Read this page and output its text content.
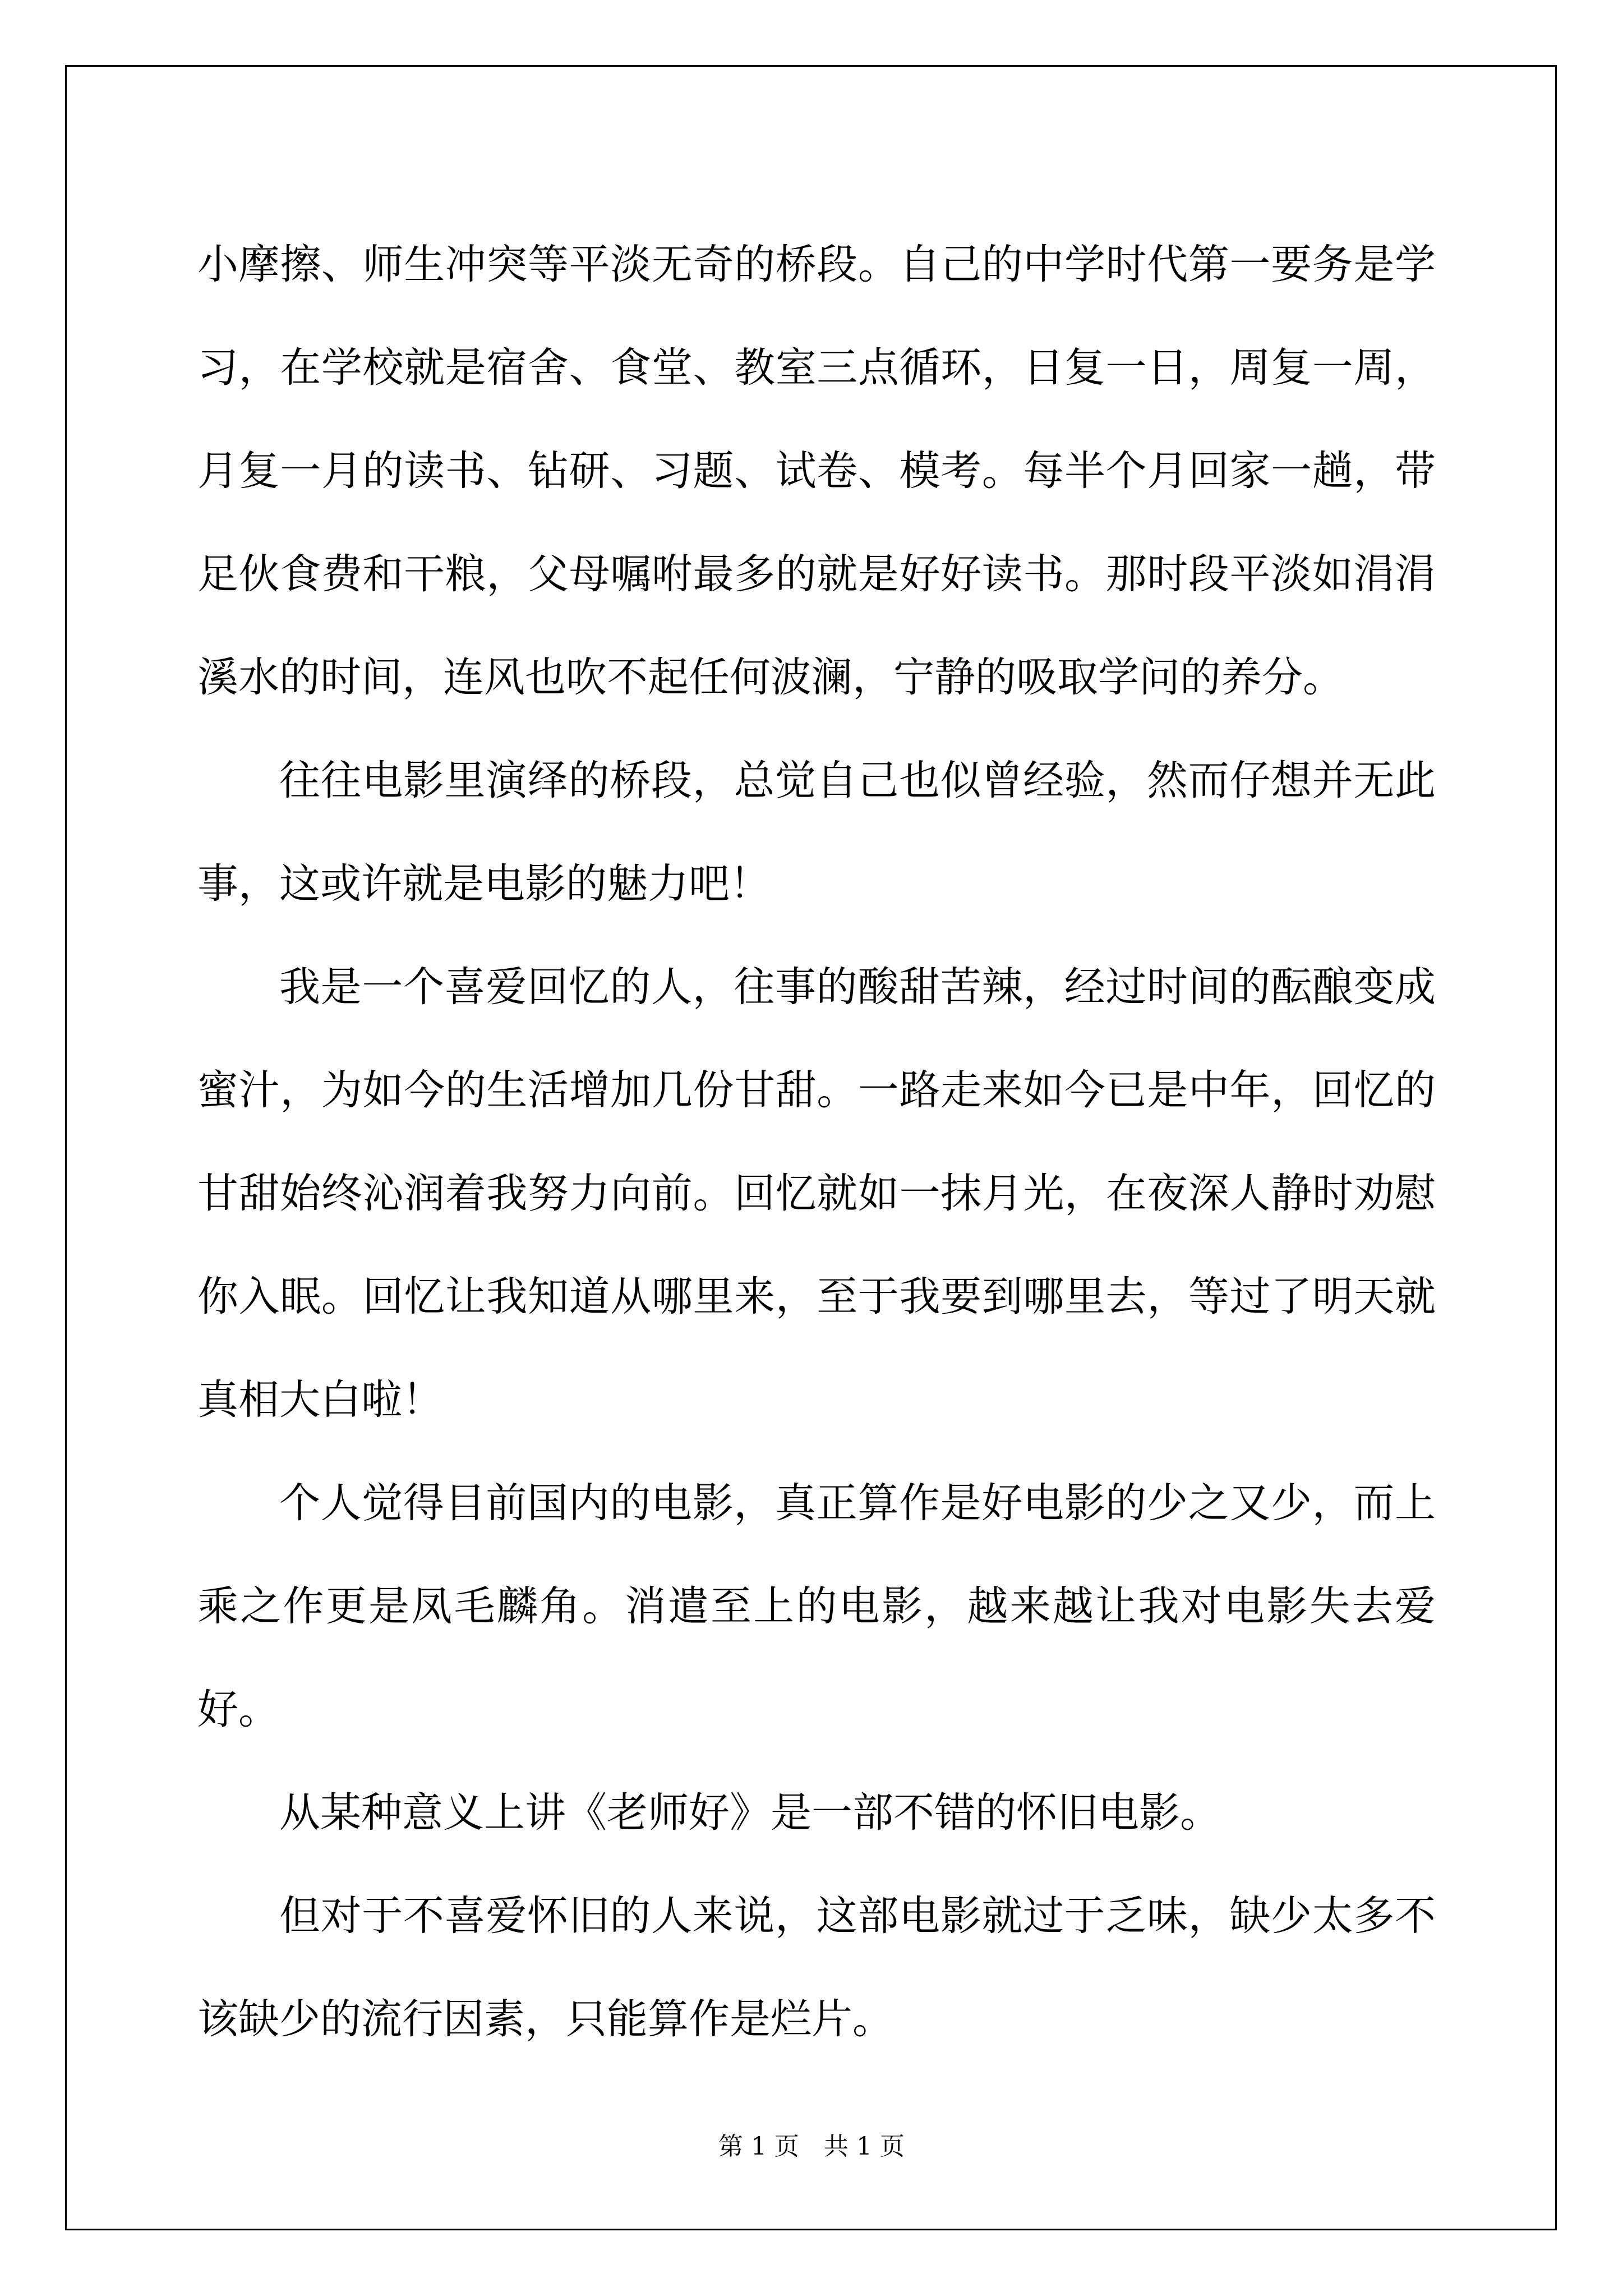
小摩擦、师生冲突等平淡无奇的桥段。自己的中学时代第一要务是学习，在学校就是宿舍、食堂、教室三点循环，日复一日，周复一周，月复一月的读书、钻研、习题、试卷、模考。每半个月回家一趟，带足伙食费和干粮，父母嘱咐最多的就是好好读书。那时段平淡如涓涓溪水的时间，连风也吹不起任何波澜，宁静的吸取学问的养分。

往往电影里演绎的桥段，总觉自己也似曾经验，然而仔想并无此事，这或许就是电影的魅力吧！

我是一个喜爱回忆的人，往事的酸甜苦辣，经过时间的酝酿变成蜜汁，为如今的生活增加几份甘甜。一路走来如今已是中年，回忆的甘甜始终沁润着我努力向前。回忆就如一抹月光，在夜深人静时劝慰你入眠。回忆让我知道从哪里来，至于我要到哪里去，等过了明天就真相大白啦！

个人觉得目前国内的电影，真正算作是好电影的少之又少，而上乘之作更是凤毛麟角。消遣至上的电影，越来越让我对电影失去爱好。

从某种意义上讲《老师好》是一部不错的怀旧电影。

但对于不喜爱怀旧的人来说，这部电影就过于乏味，缺少太多不该缺少的流行因素，只能算作是烂片。

第 1 页　共 1 页
